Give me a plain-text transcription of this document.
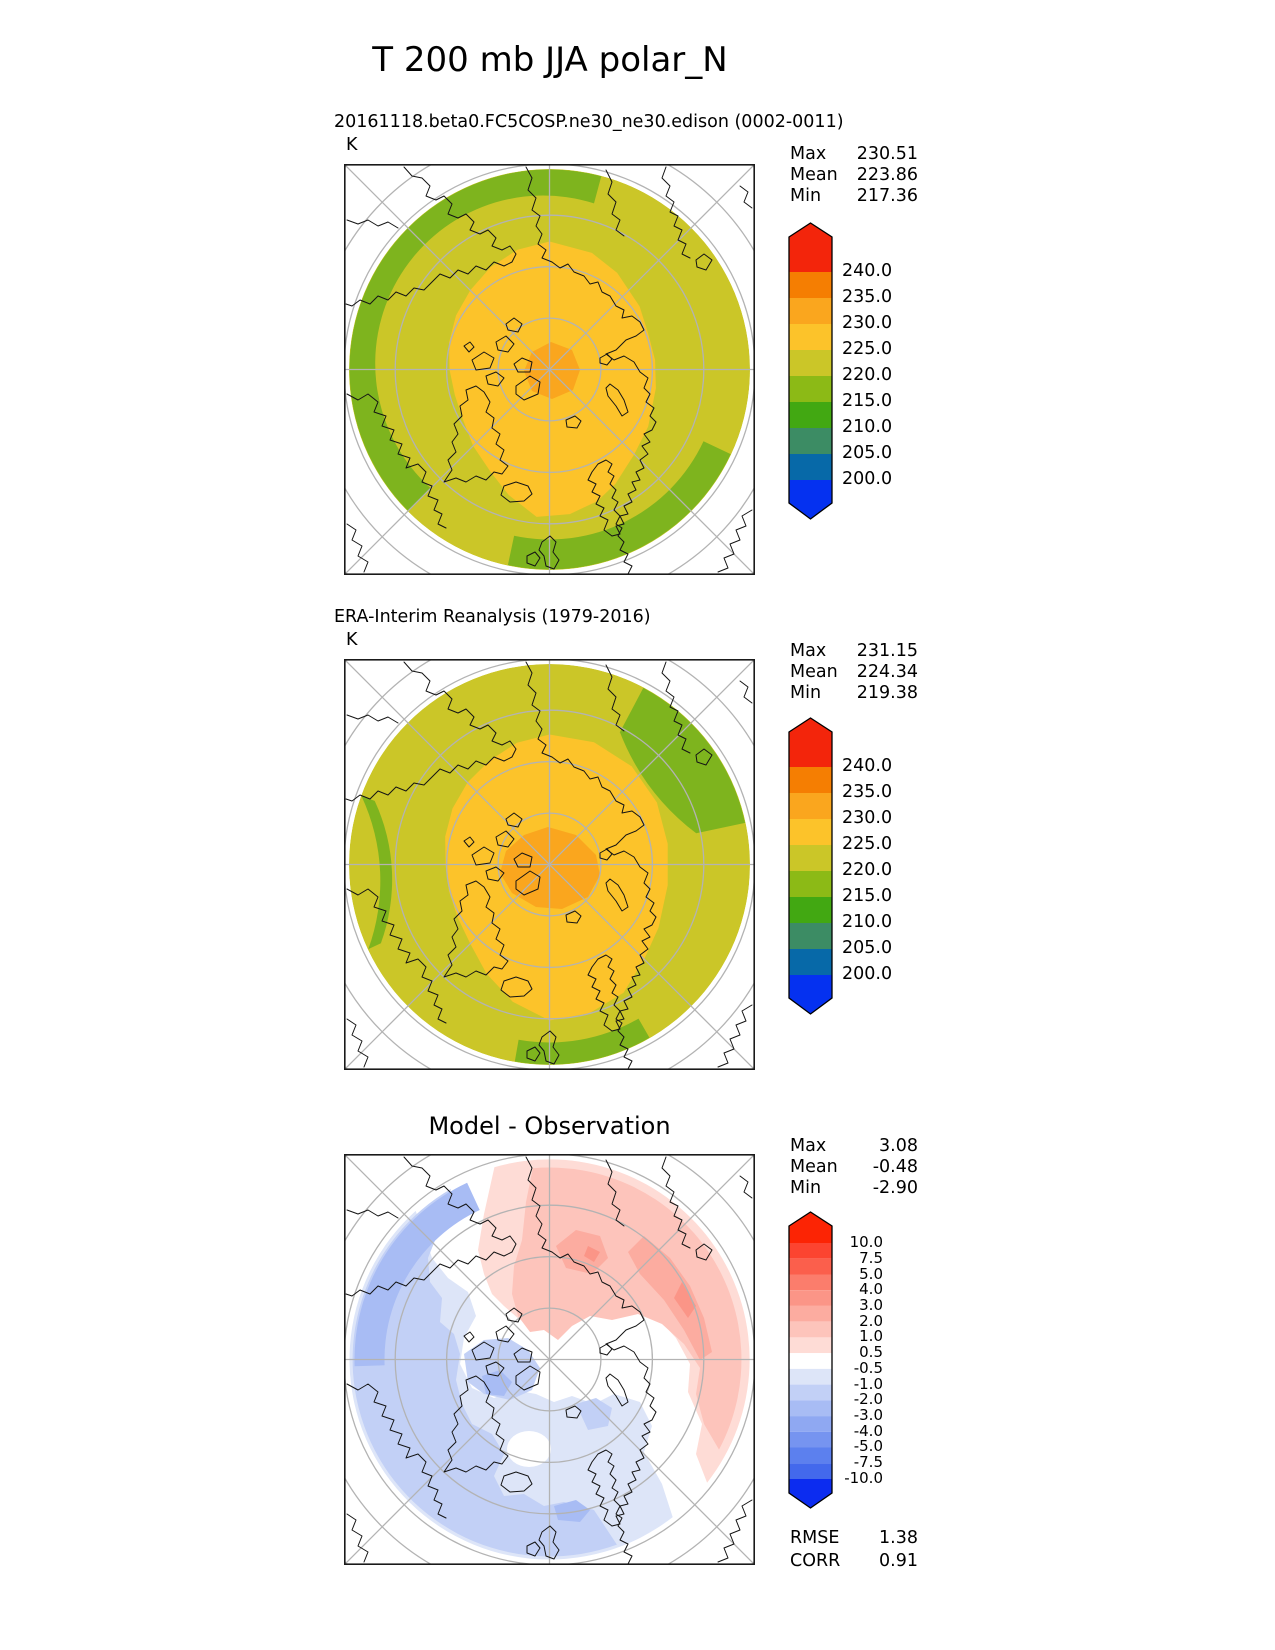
T 200 mb JJA polar_N
20161118.beta0.FC5COSP.ne30_ne30.edison (0002-0011)
K	Max 230.51
Mean 223.86
Min 217.36
240.0
235.0
230.0
225.0
220.0
215.0
210.0
205.0
200.0
ERA-Interim Reanalysis (1979-2016)
K
Max 231.15
Mean 224.34
Min 219.38
240.0
235.0
230.0
225.0
220.0
215.0
210.0
205.0
200.0
Model - Observation
Max	3.08
Mean -0.48
Min	-2.90
10.0
7.5
5.0
4.0
3.0
2.0
1.0
0.5
-0.5
-1.0
-2.0
-3.0
-4.0
-5.0
-7.5
-10.0
RMSE 1.38
CORR 0.91
